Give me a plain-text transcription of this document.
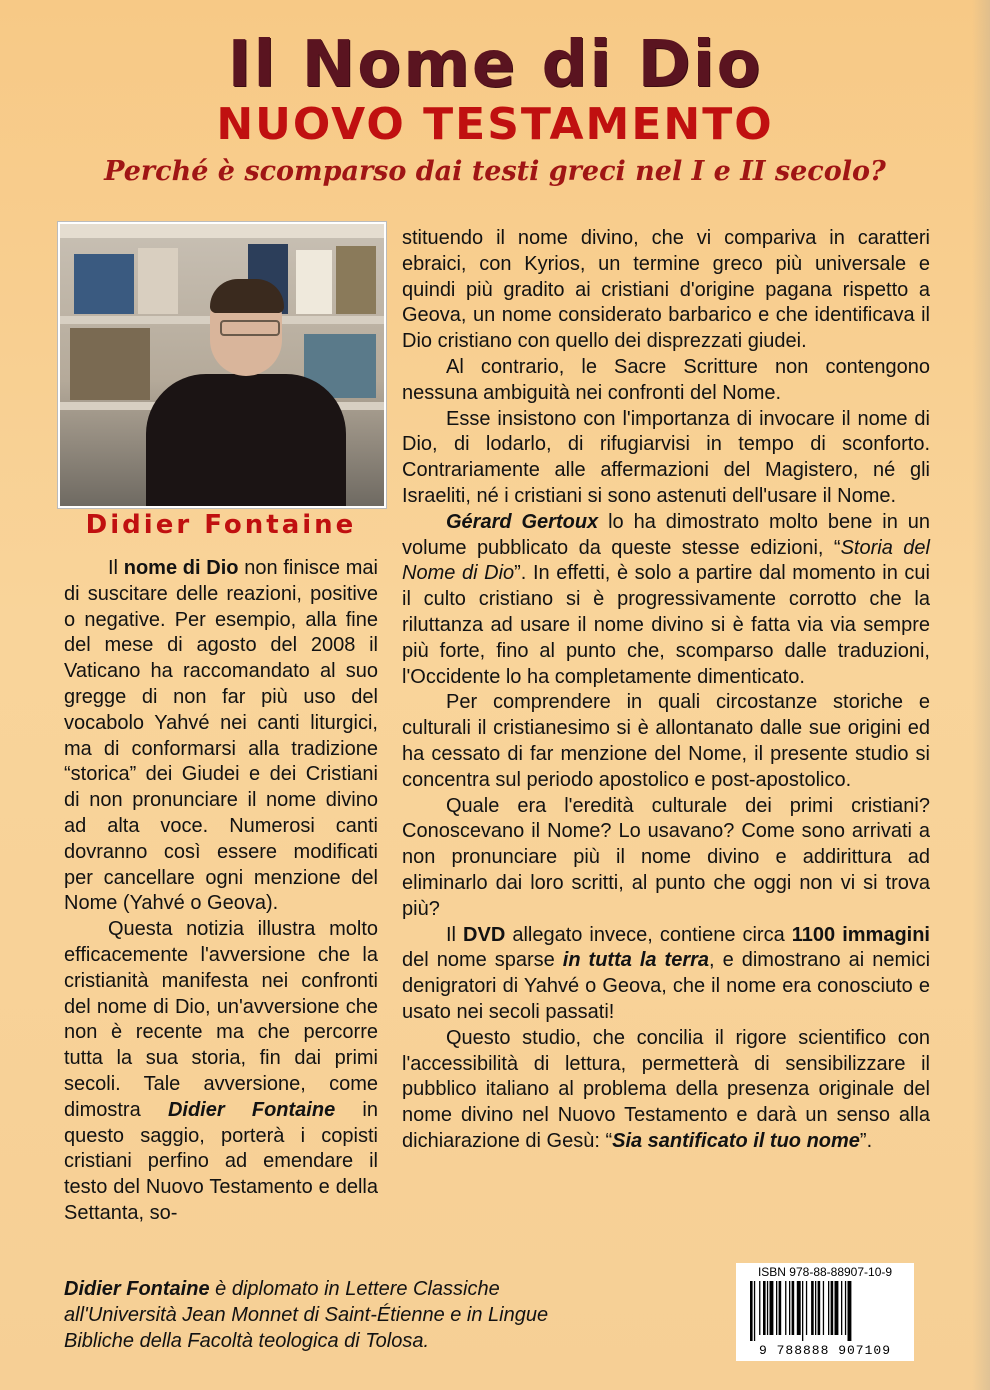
Il Nome di Dio
NUOVO TESTAMENTO
Perché è scomparso dai testi greci nel I e II secolo?
Didier Fontaine

Il nome di Dio non finisce mai di suscitare delle reazioni, positive o negative. Per esempio, alla fine del mese di agosto del 2008 il Vaticano ha raccomandato al suo gregge di non far più uso del vocabolo Yahvé nei canti liturgici, ma di conformarsi alla tradizione “storica” dei Giudei e dei Cristiani di non pronunciare il nome divino ad alta voce. Numerosi canti dovranno così essere modificati per cancellare ogni menzione del Nome (Yahvé o Geova).

Questa notizia illustra molto efficacemente l'avversione che la cristianità manifesta nei confronti del nome di Dio, un'avversione che non è recente ma che percorre tutta la sua storia, fin dai primi secoli. Tale avversione, come dimostra Didier Fontaine in questo saggio, porterà i copisti cristiani perfino ad emendare il testo del Nuovo Testamento e della Settanta, so-

stituendo il nome divino, che vi compariva in caratteri ebraici, con Kyrios, un termine greco più universale e quindi più gradito ai cristiani d'origine pagana rispetto a Geova, un nome considerato barbarico e che identificava il Dio cristiano con quello dei disprezzati giudei.

Al contrario, le Sacre Scritture non contengono nessuna ambiguità nei confronti del Nome.

Esse insistono con l'importanza di invocare il nome di Dio, di lodarlo, di rifugiarvisi in tempo di sconforto. Contrariamente alle affermazioni del Magistero, né gli Israeliti, né i cristiani si sono astenuti dell'usare il Nome.

Gérard Gertoux lo ha dimostrato molto bene in un volume pubblicato da queste stesse edizioni, “Storia del Nome di Dio”. In effetti, è solo a partire dal momento in cui il culto cristiano si è progressivamente corrotto che la riluttanza ad usare il nome divino si è fatta via via sempre più forte, fino al punto che, scomparso dalle traduzioni, l'Occidente lo ha completamente dimenticato.

Per comprendere in quali circostanze storiche e culturali il cristianesimo si è allontanato dalle sue origini ed ha cessato di far menzione del Nome, il presente studio si concentra sul periodo apostolico e post-apostolico.

Quale era l'eredità culturale dei primi cristiani? Conoscevano il Nome? Lo usavano? Come sono arrivati a non pronunciare più il nome divino e addirittura ad eliminarlo dai loro scritti, al punto che oggi non vi si trova più?

Il DVD allegato invece, contiene circa 1100 immagini del nome sparse in tutta la terra, e dimostrano ai nemici denigratori di Yahvé o Geova, che il nome era conosciuto e usato nei secoli passati!

Questo studio, che concilia il rigore scientifico con l'accessibilità di lettura, permetterà di sensibilizzare il pubblico italiano al problema della presenza originale del nome divino nel Nuovo Testamento e darà un senso alla dichiarazione di Gesù: “Sia santificato il tuo nome”.

Didier Fontaine è diplomato in Lettere Classiche all'Università Jean Monnet di Saint-Étienne e in Lingue Bibliche della Facoltà teologica di Tolosa.
ISBN 978-88-88907-10-9
9 788888 907109
